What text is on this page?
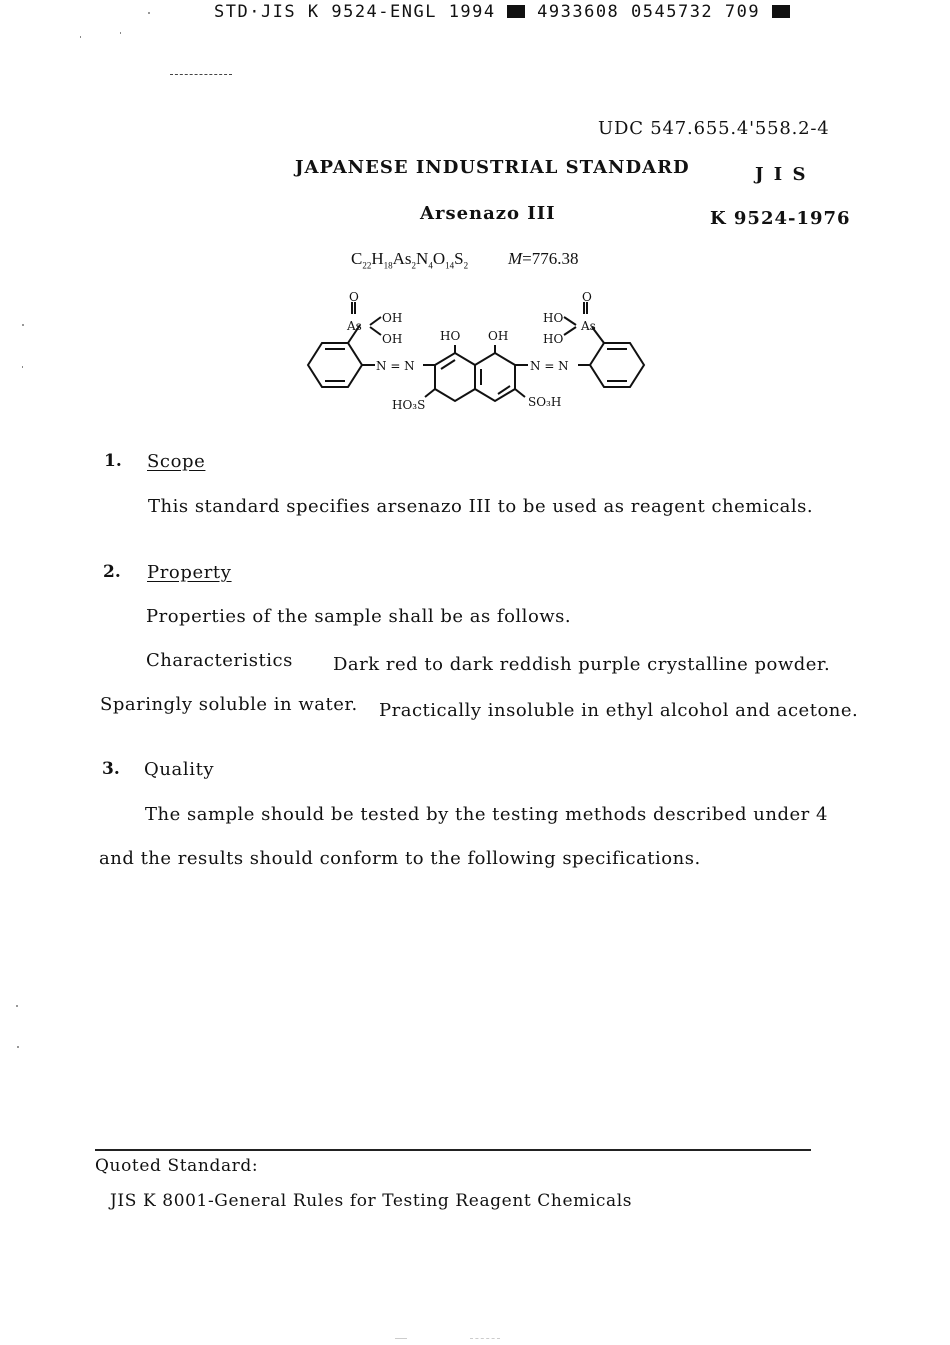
STD·JIS K 9524-ENGL 1994 4933608 0545732 709
UDC 547.655.4'558.2-4
JAPANESE INDUSTRIAL STANDARD	J I S
Arsenazo III	K 9524-1976
$C_{22}H_{18}As_2N_4O_{14}S_2$ M=776.38
O
As
OH
OH	HO OH
O
HO
HO
As
N = N	N = N
HO₃S	SO₃H
1. Scope
This standard specifies arsenazo III to be used as reagent chemicals.
2. Property
Properties of the sample shall be as follows.
Characteristics Dark red to dark reddish purple crystalline powder.
Sparingly soluble in water. Practically insoluble in ethyl alcohol and acetone.
3. Quality
The sample should be tested by the testing methods described under 4
and the results should conform to the following specifications.
Quoted Standard:
JIS K 8001-General Rules for Testing Reagent Chemicals
